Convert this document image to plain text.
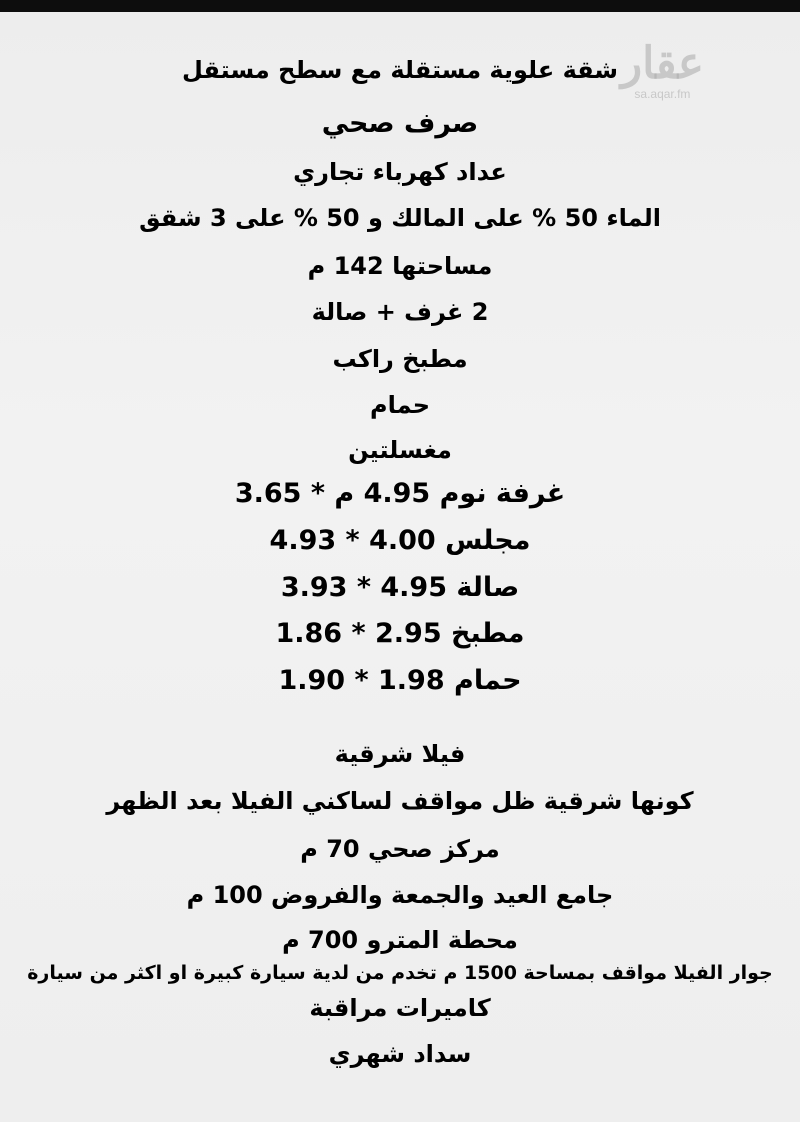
عقار
sa.aqar.fm
شقة علوية مستقلة مع سطح مستقل
صرف صحي
عداد كهرباء تجاري
الماء 50 % على المالك و 50 % على 3 شقق
مساحتها 142 م
2 غرف + صالة
مطبخ راكب
حمام
مغسلتين
غرفة نوم 4.95 م * 3.65
مجلس 4.00 * 4.93
صالة 4.95 * 3.93
مطبخ 2.95 * 1.86
حمام 1.98 * 1.90
فيلا شرقية
كونها شرقية ظل مواقف لساكني الفيلا بعد الظهر
مركز صحي 70 م
جامع العيد والجمعة والفروض 100 م
محطة المترو 700 م
جوار الفيلا مواقف بمساحة 1500 م تخدم من لدية سيارة كبيرة او اكثر من سيارة
كاميرات مراقبة
سداد شهري
